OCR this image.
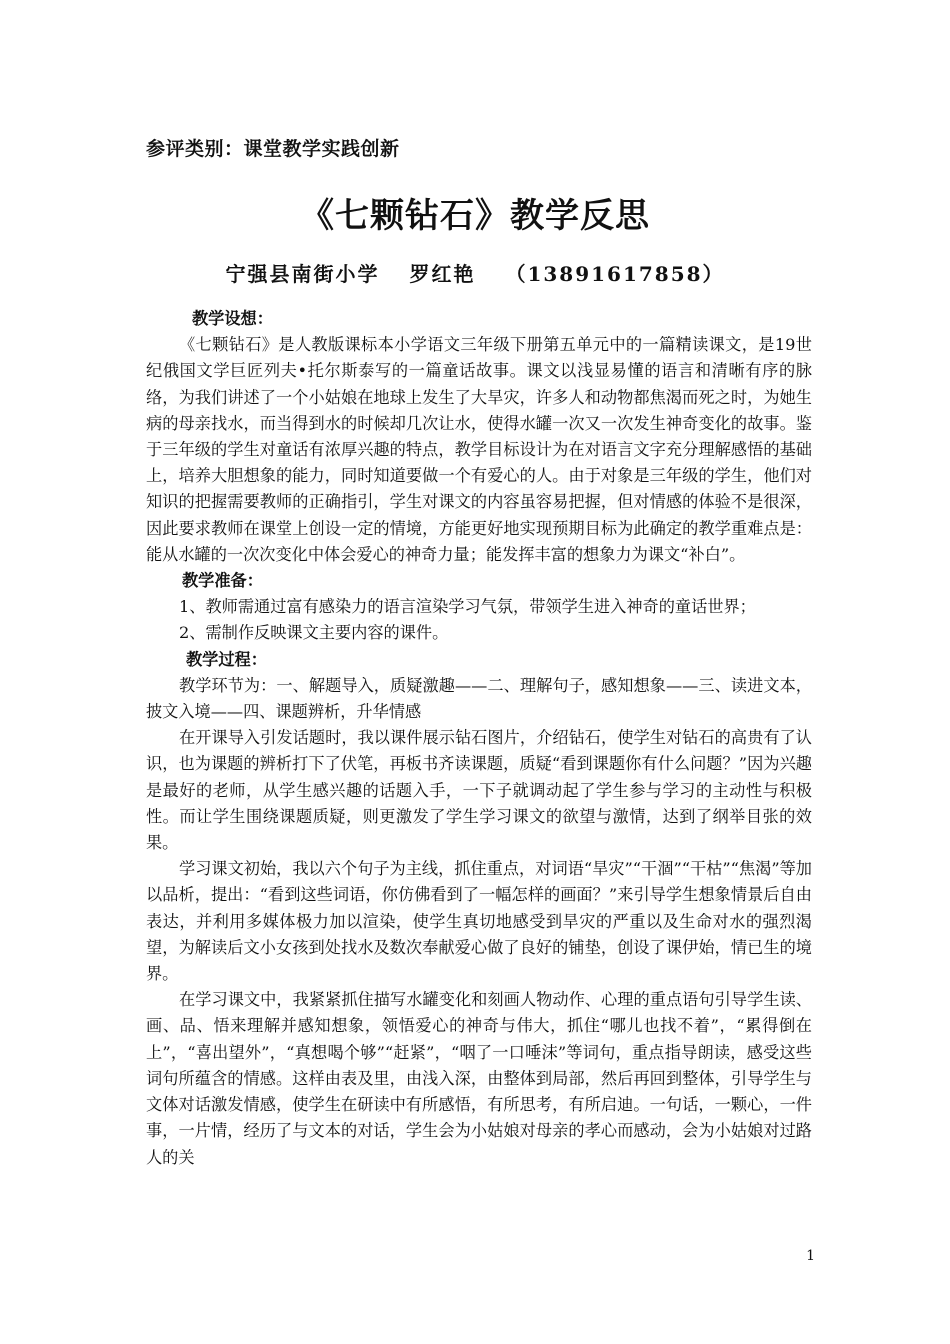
参评类别：课堂教学实践创新
《七颗钻石》教学反思
宁强县南街小学 罗红艳 （13891617858）

教学设想：

《七颗钻石》是人教版课标本小学语文三年级下册第五单元中的一篇精读课文，是19世纪俄国文学巨匠列夫•托尔斯泰写的一篇童话故事。课文以浅显易懂的语言和清晰有序的脉络，为我们讲述了一个小姑娘在地球上发生了大旱灾，许多人和动物都焦渴而死之时，为她生病的母亲找水，而当得到水的时候却几次让水，使得水罐一次又一次发生神奇变化的故事。鉴于三年级的学生对童话有浓厚兴趣的特点，教学目标设计为在对语言文字充分理解感悟的基础上，培养大胆想象的能力，同时知道要做一个有爱心的人。由于对象是三年级的学生，他们对知识的把握需要教师的正确指引，学生对课文的内容虽容易把握，但对情感的体验不是很深，因此要求教师在课堂上创设一定的情境，方能更好地实现预期目标为此确定的教学重难点是：能从水罐的一次次变化中体会爱心的神奇力量；能发挥丰富的想象力为课文“补白”。

教学准备：

1、教师需通过富有感染力的语言渲染学习气氛，带领学生进入神奇的童话世界；

2、需制作反映课文主要内容的课件。

教学过程：

教学环节为：一、解题导入，质疑激趣——二、理解句子，感知想象——三、读进文本，披文入境——四、课题辨析，升华情感

在开课导入引发话题时，我以课件展示钻石图片，介绍钻石，使学生对钻石的高贵有了认识，也为课题的辨析打下了伏笔，再板书齐读课题，质疑“看到课题你有什么问题？”因为兴趣是最好的老师，从学生感兴趣的话题入手，一下子就调动起了学生参与学习的主动性与积极性。而让学生围绕课题质疑，则更激发了学生学习课文的欲望与激情，达到了纲举目张的效果。

学习课文初始，我以六个句子为主线，抓住重点，对词语“旱灾”“干涸”“干枯”“焦渴”等加以品析，提出：“看到这些词语，你仿佛看到了一幅怎样的画面？”来引导学生想象情景后自由表达，并利用多媒体极力加以渲染，使学生真切地感受到旱灾的严重以及生命对水的强烈渴望，为解读后文小女孩到处找水及数次奉献爱心做了良好的铺垫，创设了课伊始，情已生的境界。

在学习课文中，我紧紧抓住描写水罐变化和刻画人物动作、心理的重点语句引导学生读、画、品、悟来理解并感知想象，领悟爱心的神奇与伟大，抓住“哪儿也找不着”，“累得倒在上”，“喜出望外”，“真想喝个够”“赶紧”，“咽了一口唾沫”等词句，重点指导朗读，感受这些词句所蕴含的情感。这样由表及里，由浅入深，由整体到局部，然后再回到整体，引导学生与文体对话激发情感，使学生在研读中有所感悟，有所思考，有所启迪。一句话，一颗心，一件事，一片情，经历了与文本的对话，学生会为小姑娘对母亲的孝心而感动，会为小姑娘对过路人的关

1
